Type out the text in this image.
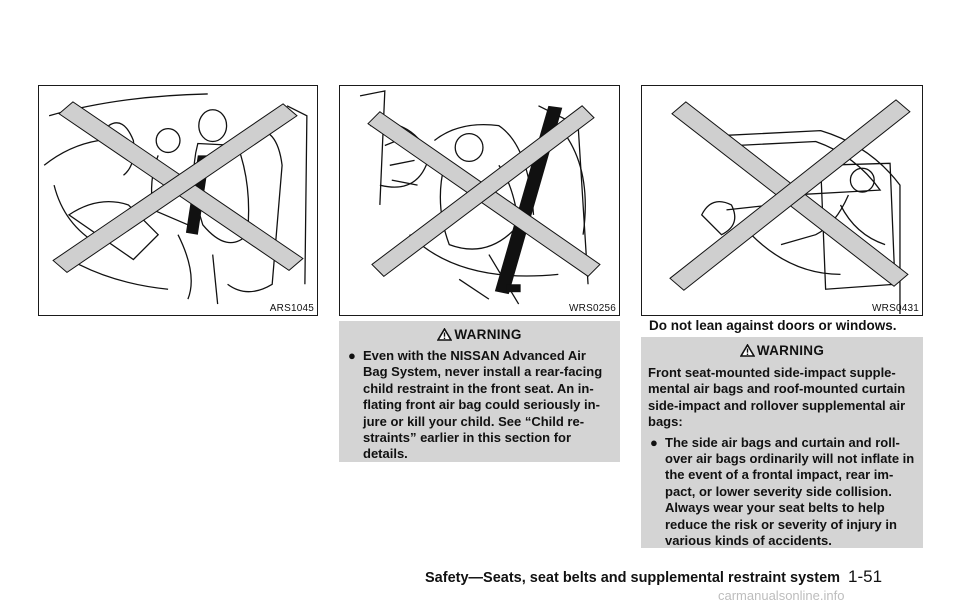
ARS1045	WRS0256	WRS0431
Do not lean against doors or windows.
WARNING
● Even with the NISSAN Advanced Air
Bag System, never install a rear-facing
child restraint in the front seat. An in-
flating front air bag could seriously in-
jure or kill your child. See “Child re-
straints” earlier in this section for
details.
WARNING
Front seat-mounted side-impact supple-
mental air bags and roof-mounted curtain
side-impact and rollover supplemental air
bags:
● The side air bags and curtain and roll-
over air bags ordinarily will not inflate in
the event of a frontal impact, rear im-
pact, or lower severity side collision.
Always wear your seat belts to help
reduce the risk or severity of injury in
various kinds of accidents.
Safety—Seats, seat belts and supplemental restraint system 1-51
carmanualsonline.info
